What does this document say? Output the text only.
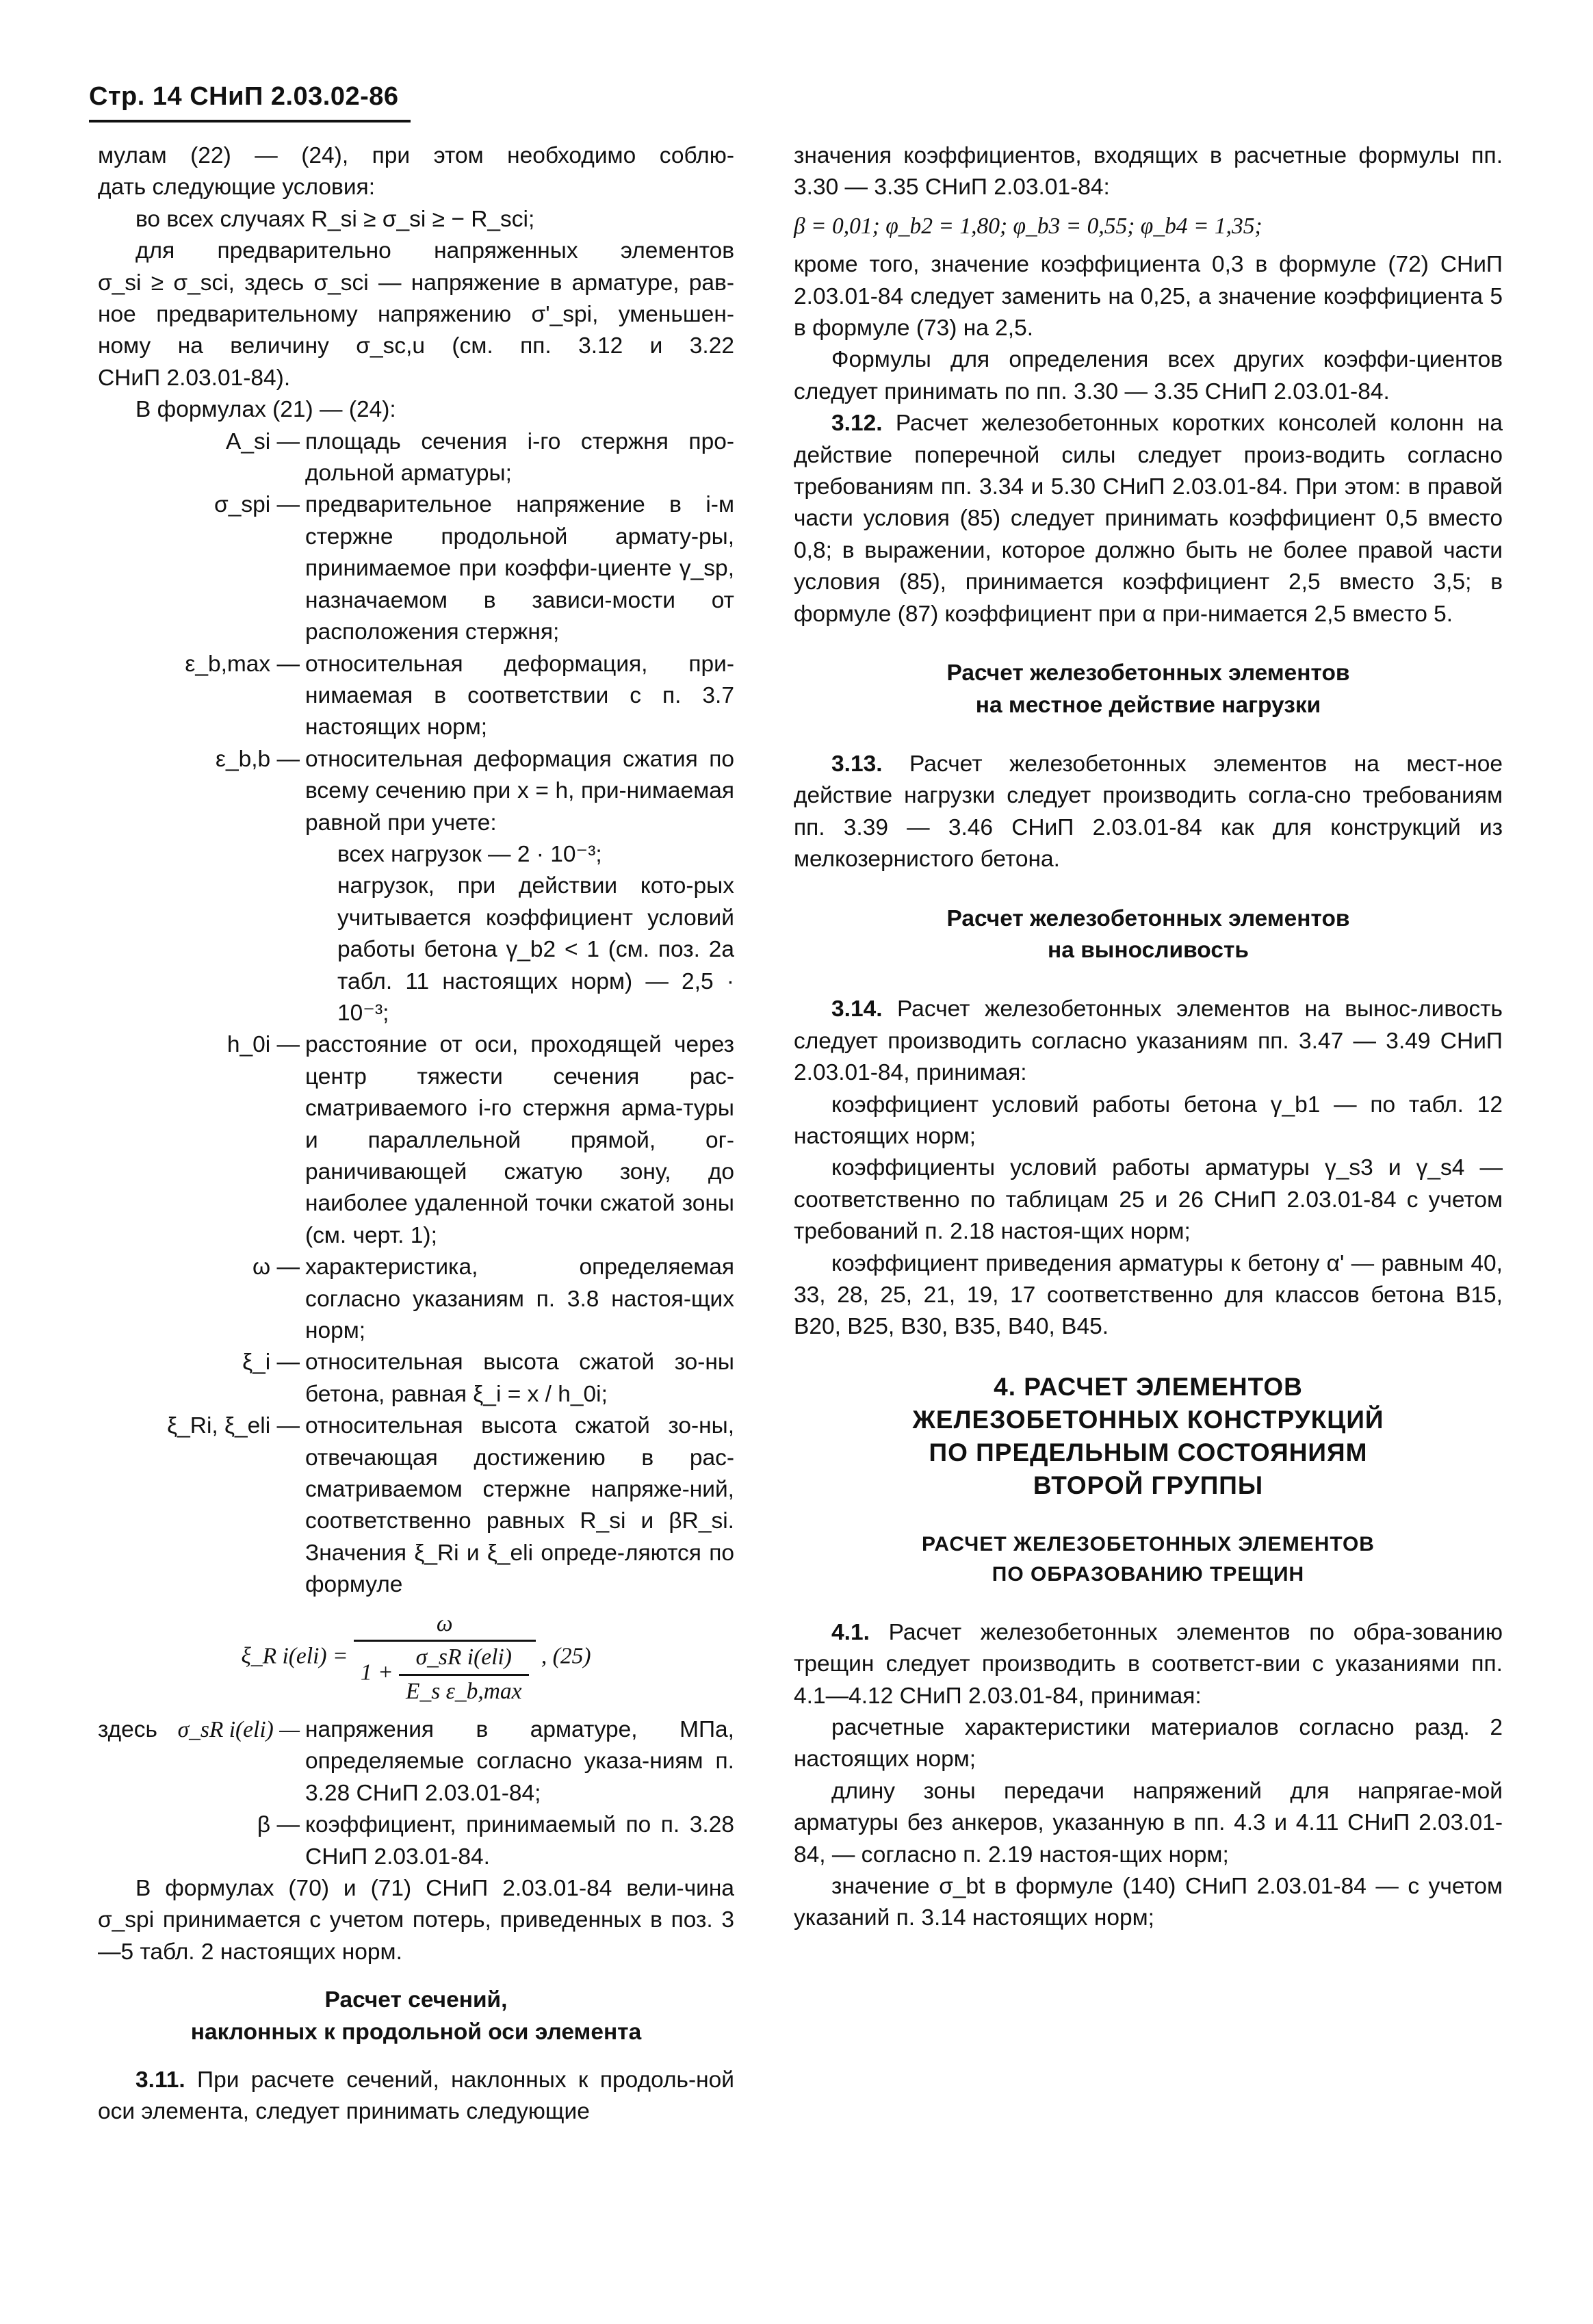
Стр. 14 СНиП 2.03.02-86

мулам (22) — (24), при этом необходимо соблю-

дать следующие условия:

во всех случаях R_si ≥ σ_si ≥ − R_sci;

для предварительно напряженных элементов

σ_si ≥ σ_sci, здесь σ_sci — напряжение в арматуре, рав-

ное предварительному напряжению σ'_spi, уменьшен-

ному на величину σ_sc,u (см. пп. 3.12 и 3.22

СНиП 2.03.01-84).

В формулах (21) — (24):

A_si — площадь сечения i-го стержня про-дольной арматуры;
σ_spi — предварительное напряжение в i-м стержне продольной армату-ры, принимаемое при коэффи-циенте γ_sp, назначаемом в зависи-мости от расположения стержня;
ε_b,max — относительная деформация, при-нимаемая в соответствии с п. 3.7 настоящих норм;
ε_b,b — относительная деформация сжатия по всему сечению при x = h, при-нимаемая равной при учете:
всех нагрузок — 2 · 10⁻³;
нагрузок, при действии кото-рых учитывается коэффициент условий работы бетона γ_b2 < 1 (см. поз. 2а табл. 11 настоящих норм) — 2,5 · 10⁻³;
h_0i — расстояние от оси, проходящей через центр тяжести сечения рас-сматриваемого i-го стержня арма-туры и параллельной прямой, ог-раничивающей сжатую зону, до наиболее удаленной точки сжатой зоны (см. черт. 1);
ω — характеристика, определяемая согласно указаниям п. 3.8 настоя-щих норм;
ξ_i — относительная высота сжатой зо-ны бетона, равная ξ_i = x / h_0i;
ξ_Ri, ξ_eli — относительная высота сжатой зо-ны, отвечающая достижению в рас-сматриваемом стержне напряже-ний, соответственно равных R_si и βR_si. Значения ξ_Ri и ξ_eli опреде-ляются по формуле
ξ_R i(eli) =
ω
$1 + \frac{\text{σ\_sR i(eli)}}{\text{E\_s ε\_b,max}}$ , (25)
здесь σ_sR i(eli) — напряжения в арматуре, МПа, определяемые согласно указа-ниям п. 3.28 СНиП 2.03.01-84;
β — коэффициент, принимаемый по п. 3.28 СНиП 2.03.01-84.

В формулах (70) и (71) СНиП 2.03.01-84 вели-чина σ_spi принимается с учетом потерь, приведенных в поз. 3—5 табл. 2 настоящих норм.

Расчет сечений,

наклонных к продольной оси элемента

3.11. При расчете сечений, наклонных к продоль-ной оси элемента, следует принимать следующие

значения коэффициентов, входящих в расчетные формулы пп. 3.30 — 3.35 СНиП 2.03.01-84:

β = 0,01; φ_b2 = 1,80; φ_b3 = 0,55; φ_b4 = 1,35;

кроме того, значение коэффициента 0,3 в формуле (72) СНиП 2.03.01-84 следует заменить на 0,25, а значение коэффициента 5 в формуле (73) на 2,5.

Формулы для определения всех других коэффи-циентов следует принимать по пп. 3.30 — 3.35 СНиП 2.03.01-84.

3.12. Расчет железобетонных коротких консолей колонн на действие поперечной силы следует произ-водить согласно требованиям пп. 3.34 и 5.30 СНиП 2.03.01-84. При этом: в правой части условия (85) следует принимать коэффициент 0,5 вместо 0,8; в выражении, которое должно быть не более правой части условия (85), принимается коэффициент 2,5 вместо 3,5; в формуле (87) коэффициент при α при-нимается 2,5 вместо 5.

Расчет железобетонных элементов

на местное действие нагрузки

3.13. Расчет железобетонных элементов на мест-ное действие нагрузки следует производить согла-сно требованиям пп. 3.39 — 3.46 СНиП 2.03.01-84 как для конструкций из мелкозернистого бетона.

Расчет железобетонных элементов

на выносливость

3.14. Расчет железобетонных элементов на вынос-ливость следует производить согласно указаниям пп. 3.47 — 3.49 СНиП 2.03.01-84, принимая:

коэффициент условий работы бетона γ_b1 — по табл. 12 настоящих норм;

коэффициенты условий работы арматуры γ_s3 и γ_s4 — соответственно по таблицам 25 и 26 СНиП 2.03.01-84 с учетом требований п. 2.18 настоя-щих норм;

коэффициент приведения арматуры к бетону α' — равным 40, 33, 28, 25, 21, 19, 17 соответственно для классов бетона В15, В20, В25, В30, В35, В40, В45.

4. РАСЧЕТ ЭЛЕМЕНТОВ

ЖЕЛЕЗОБЕТОННЫХ КОНСТРУКЦИЙ

ПО ПРЕДЕЛЬНЫМ СОСТОЯНИЯМ

ВТОРОЙ ГРУППЫ

РАСЧЕТ ЖЕЛЕЗОБЕТОННЫХ ЭЛЕМЕНТОВ

ПО ОБРАЗОВАНИЮ ТРЕЩИН

4.1. Расчет железобетонных элементов по обра-зованию трещин следует производить в соответст-вии с указаниями пп. 4.1—4.12 СНиП 2.03.01-84, принимая:

расчетные характеристики материалов согласно разд. 2 настоящих норм;

длину зоны передачи напряжений для напрягае-мой арматуры без анкеров, указанную в пп. 4.3 и 4.11 СНиП 2.03.01-84, — согласно п. 2.19 настоя-щих норм;

значение σ_bt в формуле (140) СНиП 2.03.01-84 — с учетом указаний п. 3.14 настоящих норм;
